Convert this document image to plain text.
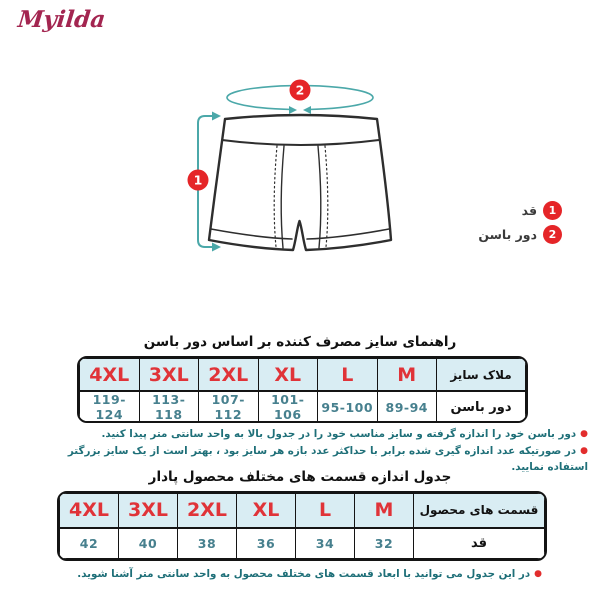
Myilda
1
2
1
قد
2
دور باسن
راهنمای سایز مصرف کننده بر اساس دور باسن
4XL	3XL	2XL	XL	L	M	ملاک سایز
119-124	113-118	107-112	101-106	95-100	89-94	دور باسن
● دور باسن خود را اندازه گرفته و سایز مناسب خود را در جدول بالا به واحد سانتی متر پیدا کنید.
● در صورتیکه عدد اندازه گیری شده برابر با حداکثر عدد بازه هر سایز بود ، بهتر است از یک سایز بزرگتر استفاده نمایید.
جدول اندازه قسمت های مختلف محصول پادار
4XL	3XL	2XL	XL	L	M	قسمت های محصول
42	40	38	36	34	32	قد
● در این جدول می توانید با ابعاد قسمت های مختلف محصول به واحد سانتی متر آشنا شوید.
